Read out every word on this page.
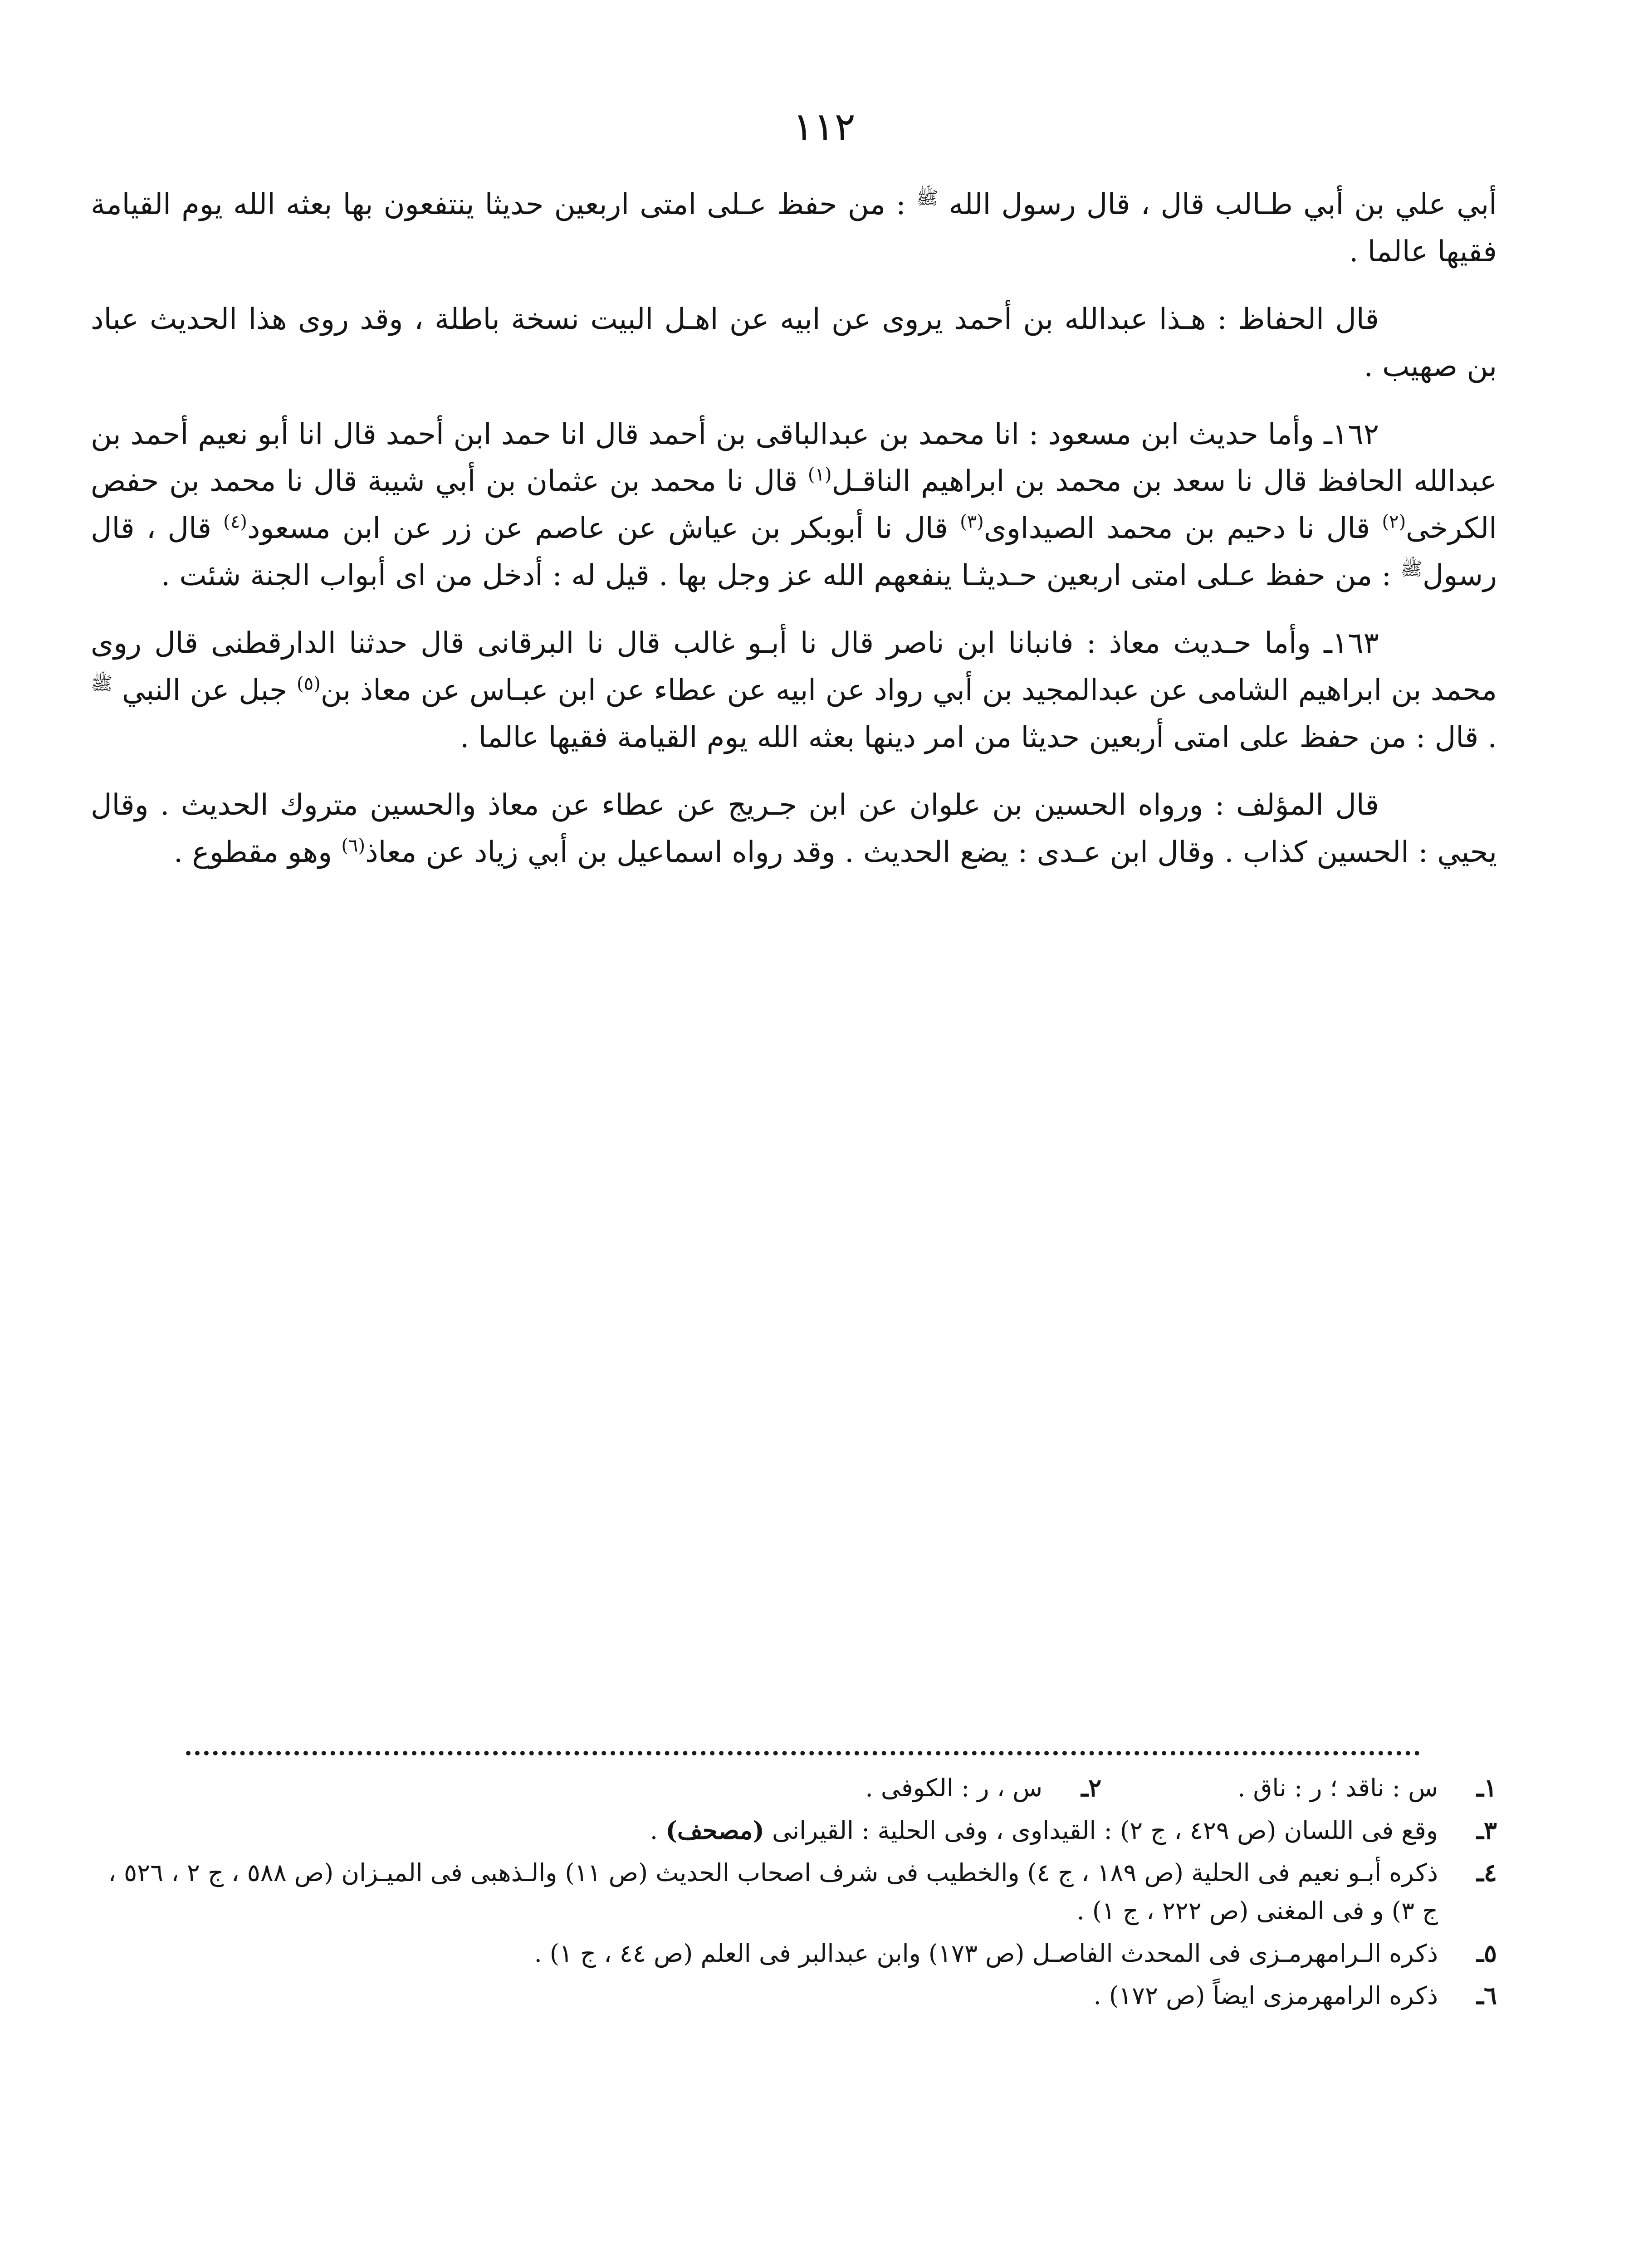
١١٢

أبي علي بن أبي طـالب قال ، قال رسول الله $^ﷺ$ : من حفظ عـلى امتى اربعين حديثا ينتفعون بها بعثه الله يوم القيامة فقيها عالما .

قال الحفاظ : هـذا عبدالله بن أحمد يروى عن ابيه عن اهـل البيت نسخة باطلة ، وقد روى هذا الحديث عباد بن صهيب .

١٦٢ـ وأما حديث ابن مسعود : انا محمد بن عبدالباقى بن أحمد قال انا حمد ابن أحمد قال انا أبو نعيم أحمد بن عبدالله الحافظ قال نا سعد بن محمد بن ابراهيم الناقـل$^{(١)}$ قال نا محمد بن عثمان بن أبي شيبة قال نا محمد بن حفص الكرخى$^{(٢)}$ قال نا دحيم بن محمد الصيداوى$^{(٣)}$ قال نا أبوبكر بن عياش عن عاصم عن زر عن ابن مسعود$^{(٤)}$ قال ، قال رسول$^ﷺ$ : من حفظ عـلى امتى اربعين حـديثـا ينفعهم الله عز وجل بها . قيل له : أدخل من اى أبواب الجنة شئت .

١٦٣ـ وأما حـديث معاذ : فانبانا ابن ناصر قال نا أبـو غالب قال نا البرقانى قال حدثنا الدارقطنى قال روى محمد بن ابراهيم الشامى عن عبدالمجيد بن أبي رواد عن ابيه عن عطاء عن ابن عبـاس عن معاذ بن$^{(٥)}$ جبل عن النبي $^ﷺ$ . قال : من حفظ على امتى أربعين حديثا من امر دينها بعثه الله يوم القيامة فقيها عالما .

قال المؤلف : ورواه الحسين بن علوان عن ابن جـريج عن عطاء عن معاذ والحسين متروك الحديث . وقال يحيي : الحسين كذاب . وقال ابن عـدى : يضع الحديث . وقد رواه اسماعيل بن أبي زياد عن معاذ$^{(٦)}$ وهو مقطوع .

١ـ
س : ناقد ؛ ر : ناق .
٢ـ
س ، ر : الكوفى .
٣ـ
وقع فى اللسان (ص ٤٢٩ ، ج ٢) : القيداوى ، وفى الحلية : القيرانى (مصحف) .
٤ـ
ذكره أبـو نعيم فى الحلية (ص ١٨٩ ، ج ٤) والخطيب فى شرف اصحاب الحديث (ص ١١) والـذهبى فى الميـزان (ص ٥٨٨ ، ج ٢ ، ٥٢٦ ، ج ٣) و فى المغنى (ص ٢٢٢ ، ج ١) .
٥ـ
ذكره الـرامهرمـزى فى المحدث الفاصـل (ص ١٧٣) وابن عبدالبر فى العلم (ص ٤٤ ، ج ١) .
٦ـ
ذكره الرامهرمزى ايضاً (ص ١٧٢) .
